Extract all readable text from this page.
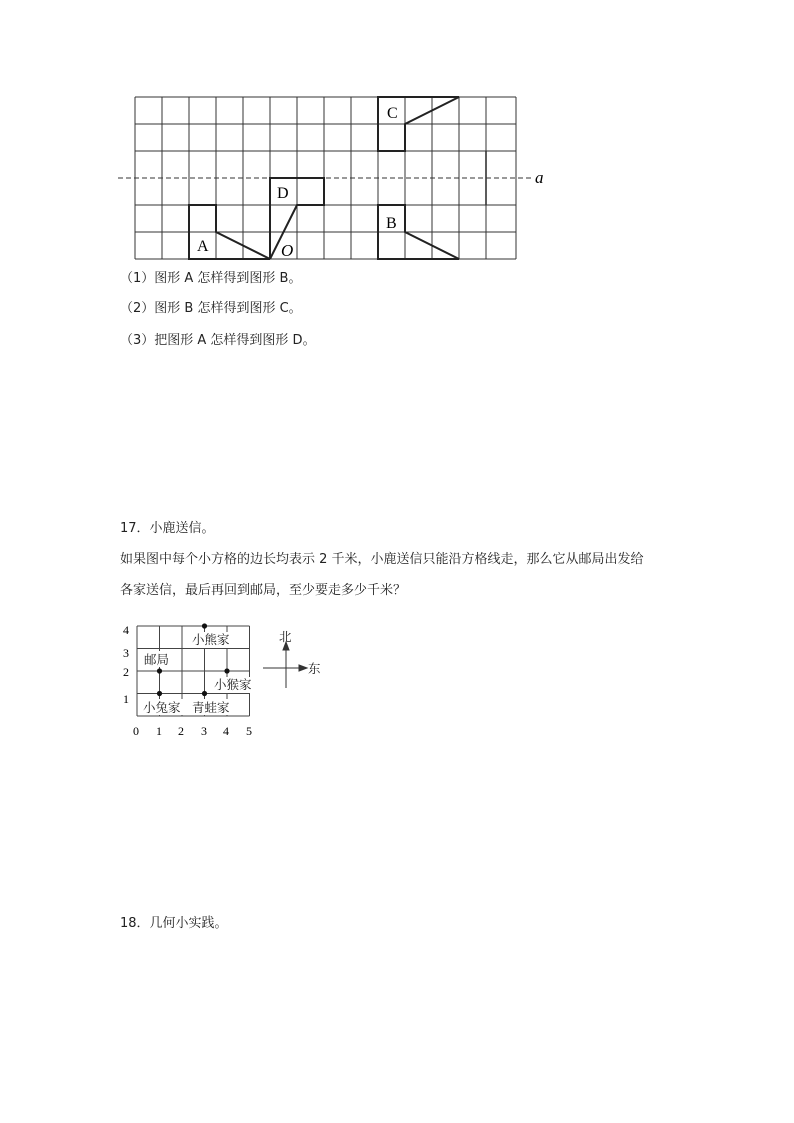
A
B
C
D
O
a
（1）图形 A 怎样得到图形 B。
（2）图形 B 怎样得到图形 C。
（3）把图形 A 怎样得到图形 D。
17．小鹿送信。
如果图中每个小方格的边长均表示 2 千米，小鹿送信只能沿方格线走，那么它从邮局出发给
各家送信，最后再回到邮局，至少要走多少千米？
邮局
小熊家
小猴家
小兔家 青蛙家
0 1 2 3 4 5
1
2
3
4	北
东
18．几何小实践。
